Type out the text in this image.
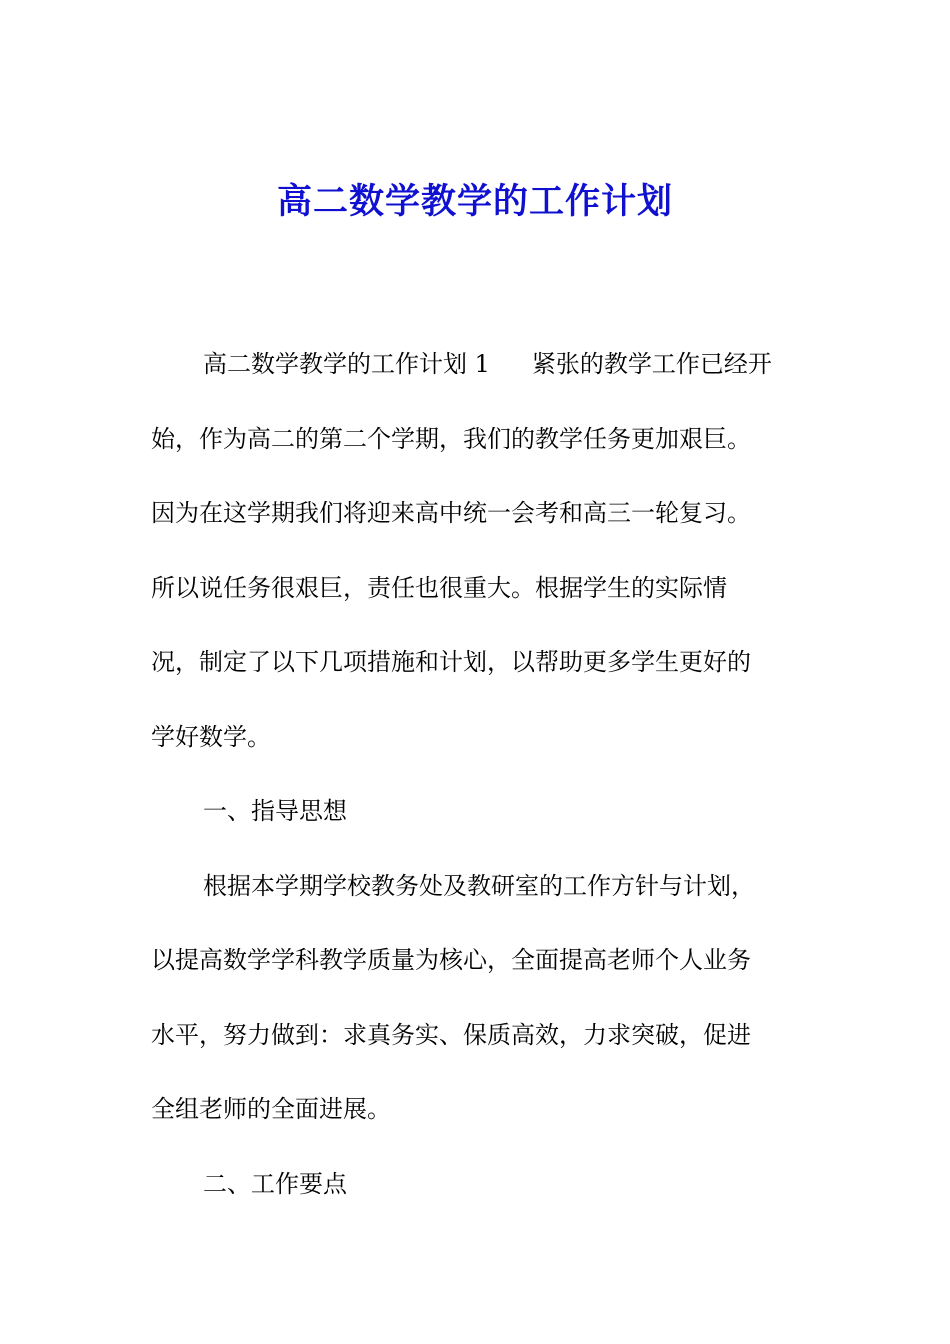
高二数学教学的工作计划
高二数学教学的工作计划 1 紧张的教学工作已经开
始，作为高二的第二个学期，我们的教学任务更加艰巨。
因为在这学期我们将迎来高中统一会考和高三一轮复习。
所以说任务很艰巨，责任也很重大。根据学生的实际情
况，制定了以下几项措施和计划，以帮助更多学生更好的
学好数学。
一、指导思想
根据本学期学校教务处及教研室的工作方针与计划，
以提高数学学科教学质量为核心，全面提高老师个人业务
水平，努力做到：求真务实、保质高效，力求突破，促进
全组老师的全面进展。
二、工作要点
